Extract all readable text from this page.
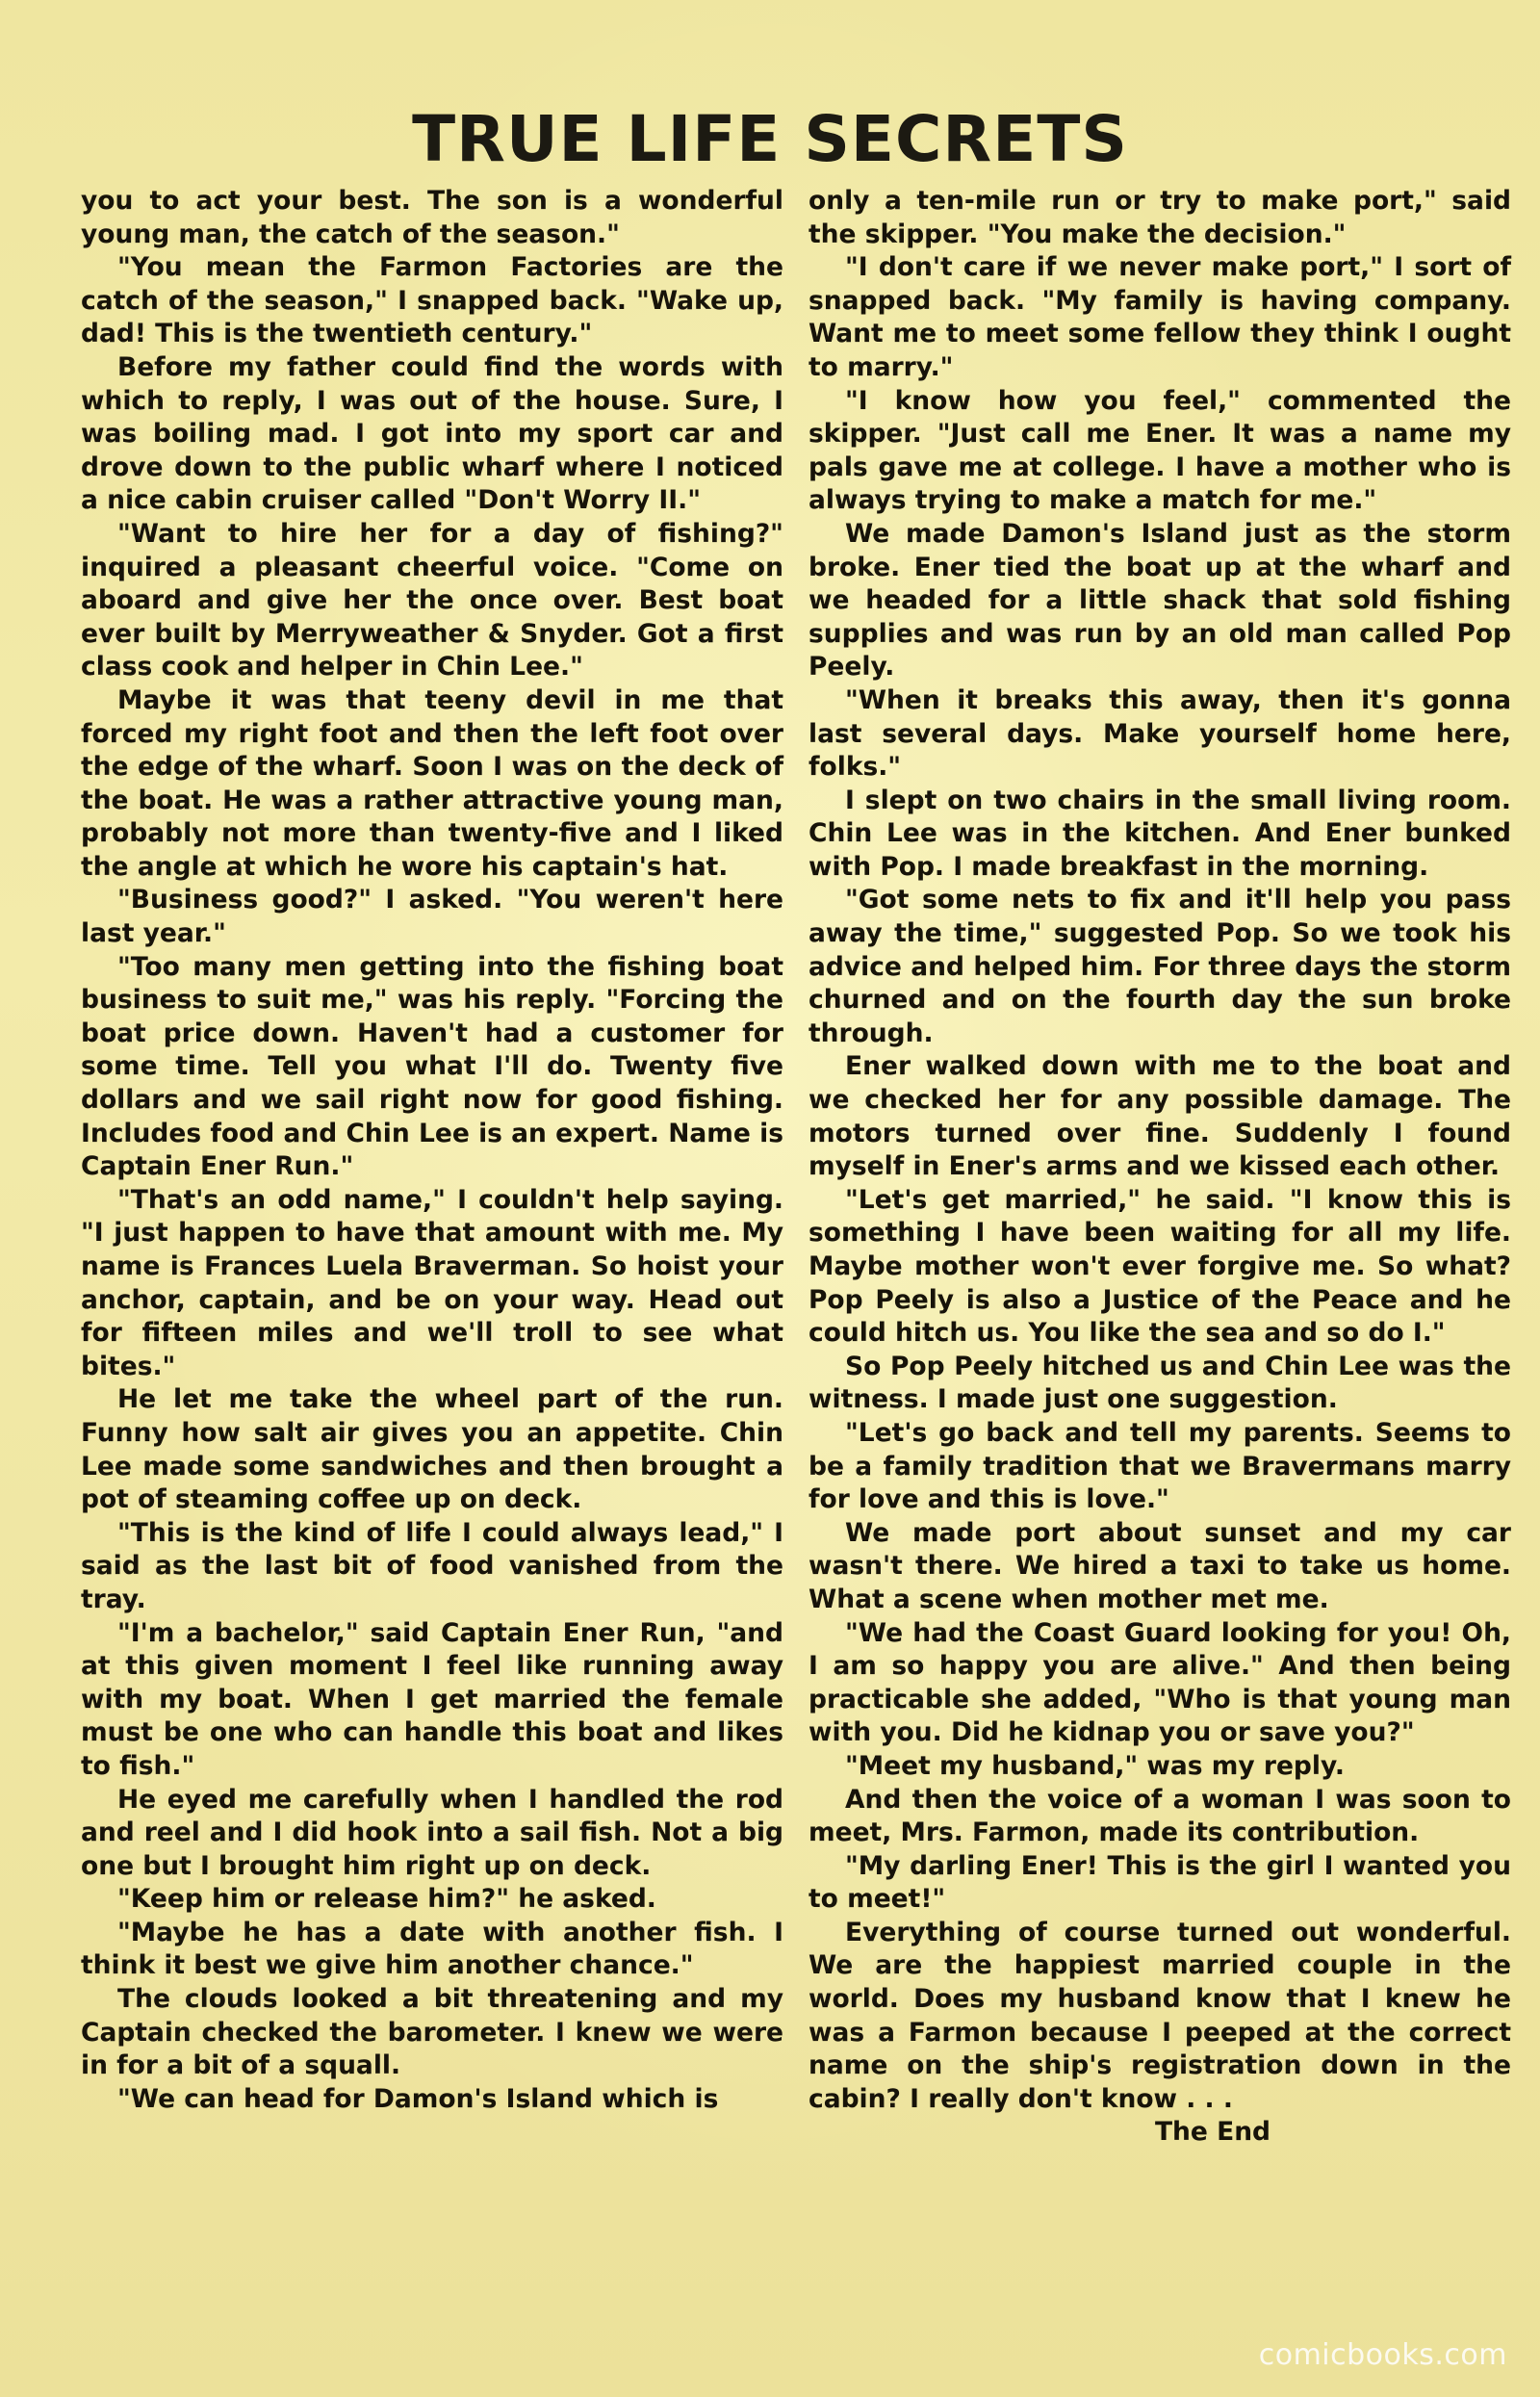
TRUE LIFE SECRETS

you to act your best. The son is a wonderful young man, the catch of the season."

"You mean the Farmon Factories are the catch of the season," I snapped back. "Wake up, dad! This is the twentieth century."

Before my father could find the words with which to reply, I was out of the house. Sure, I was boiling mad. I got into my sport car and drove down to the public wharf where I noticed a nice cabin cruiser called "Don't Worry II."

"Want to hire her for a day of fishing?" inquired a pleasant cheerful voice. "Come on aboard and give her the once over. Best boat ever built by Merryweather & Snyder. Got a first class cook and helper in Chin Lee."

Maybe it was that teeny devil in me that forced my right foot and then the left foot over the edge of the wharf. Soon I was on the deck of the boat. He was a rather attractive young man, probably not more than twenty-five and I liked the angle at which he wore his captain's hat.

"Business good?" I asked. "You weren't here last year."

"Too many men getting into the fishing boat business to suit me," was his reply. "Forcing the boat price down. Haven't had a customer for some time. Tell you what I'll do. Twenty five dollars and we sail right now for good fishing. Includes food and Chin Lee is an expert. Name is Captain Ener Run."

"That's an odd name," I couldn't help saying. "I just happen to have that amount with me. My name is Frances Luela Braverman. So hoist your anchor, captain, and be on your way. Head out for fifteen miles and we'll troll to see what bites."

He let me take the wheel part of the run. Funny how salt air gives you an appetite. Chin Lee made some sandwiches and then brought a pot of steaming coffee up on deck.

"This is the kind of life I could always lead," I said as the last bit of food vanished from the tray.

"I'm a bachelor," said Captain Ener Run, "and at this given moment I feel like running away with my boat. When I get married the female must be one who can handle this boat and likes to fish."

He eyed me carefully when I handled the rod and reel and I did hook into a sail fish. Not a big one but I brought him right up on deck.

"Keep him or release him?" he asked.

"Maybe he has a date with another fish. I think it best we give him another chance."

The clouds looked a bit threatening and my Captain checked the barometer. I knew we were in for a bit of a squall.

"We can head for Damon's Island which is

only a ten-mile run or try to make port," said the skipper. "You make the decision."

"I don't care if we never make port," I sort of snapped back. "My family is having company. Want me to meet some fellow they think I ought to marry."

"I know how you feel," commented the skipper. "Just call me Ener. It was a name my pals gave me at college. I have a mother who is always trying to make a match for me."

We made Damon's Island just as the storm broke. Ener tied the boat up at the wharf and we headed for a little shack that sold fishing supplies and was run by an old man called Pop Peely.

"When it breaks this away, then it's gonna last several days. Make yourself home here, folks."

I slept on two chairs in the small living room. Chin Lee was in the kitchen. And Ener bunked with Pop. I made breakfast in the morning.

"Got some nets to fix and it'll help you pass away the time," suggested Pop. So we took his advice and helped him. For three days the storm churned and on the fourth day the sun broke through.

Ener walked down with me to the boat and we checked her for any possible damage. The motors turned over fine. Suddenly I found myself in Ener's arms and we kissed each other.

"Let's get married," he said. "I know this is something I have been waiting for all my life. Maybe mother won't ever forgive me. So what? Pop Peely is also a Justice of the Peace and he could hitch us. You like the sea and so do I."

So Pop Peely hitched us and Chin Lee was the witness. I made just one suggestion.

"Let's go back and tell my parents. Seems to be a family tradition that we Bravermans marry for love and this is love."

We made port about sunset and my car wasn't there. We hired a taxi to take us home. What a scene when mother met me.

"We had the Coast Guard looking for you! Oh, I am so happy you are alive." And then being practicable she added, "Who is that young man with you. Did he kidnap you or save you?"

"Meet my husband," was my reply.

And then the voice of a woman I was soon to meet, Mrs. Farmon, made its contribution.

"My darling Ener! This is the girl I wanted you to meet!"

Everything of course turned out wonderful. We are the happiest married couple in the world. Does my husband know that I knew he was a Farmon because I peeped at the correct name on the ship's registration down in the cabin? I really don't know . . .

The End

comicbooks.com
